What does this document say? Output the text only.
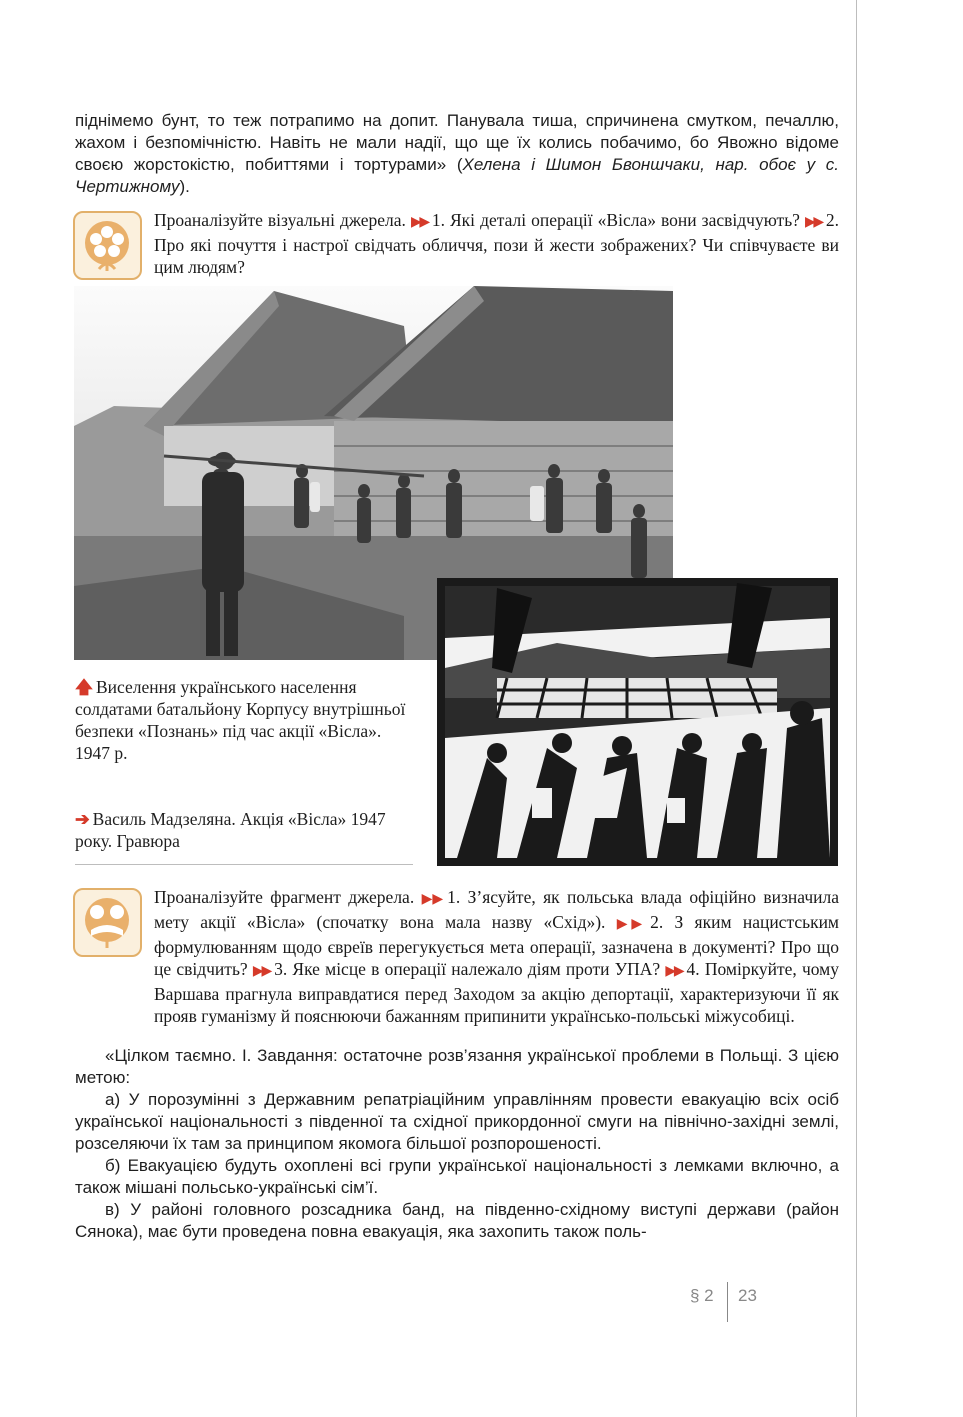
піднімемо бунт, то теж потрапимо на допит. Панувала тиша, спричинена смутком, печаллю, жахом і безпомічністю. Навіть не мали надії, що ще їх колись побачимо, бо Явожно відоме своєю жорстокістю, побиттями і тортурами» (Хелена і Шимон Бвоншчаки, нар. обоє у с. Чертижному).
Проаналізуйте візуальні джерела. ▶▶ 1. Які деталі операції «Вісла» вони засвідчують? ▶▶ 2. Про які почуття і настрої свідчать обличчя, пози й жести зображених? Чи співчуваєте ви цим людям?
🡅 Виселення українського населення солдатами батальйону Корпусу внутрішньої безпеки «Познань» під час акції «Вісла». 1947 р.
➔ Василь Мадзеляна. Акція «Вісла» 1947 року. Гравюра
Проаналізуйте фрагмент джерела. ▶▶ 1. З’ясуйте, як польська влада офіційно визначила мету акції «Вісла» (спочатку вона мала назву «Схід»). ▶▶ 2. З яким нацистським формулюванням щодо євреїв перегукується мета операції, зазначена в документі? Про що це свідчить? ▶▶ 3. Яке місце в операції належало діям проти УПА? ▶▶ 4. Поміркуйте, чому Варшава прагнула виправдатися перед Заходом за акцію депортації, характеризуючи її як прояв гуманізму й пояснюючи бажанням припинити українсько-польські міжусобиці.

«Цілком таємно. І. Завдання: остаточне розв’язання української проблеми в Польщі. З цією метою:

а) У порозумінні з Державним репатріаційним управлінням провести евакуацію всіх осіб української національності з південної та східної прикордонної смуги на північно-західні землі, розселяючи їх там за принципом якомога більшої розпорошеності.

б) Евакуацією будуть охоплені всі групи української національності з лемками включно, а також мішані польсько-українські сім’ї.

в) У районі головного розсадника банд, на південно-східному виступі держави (район Сянока), має бути проведена повна евакуація, яка захопить також поль-

§ 2 23
